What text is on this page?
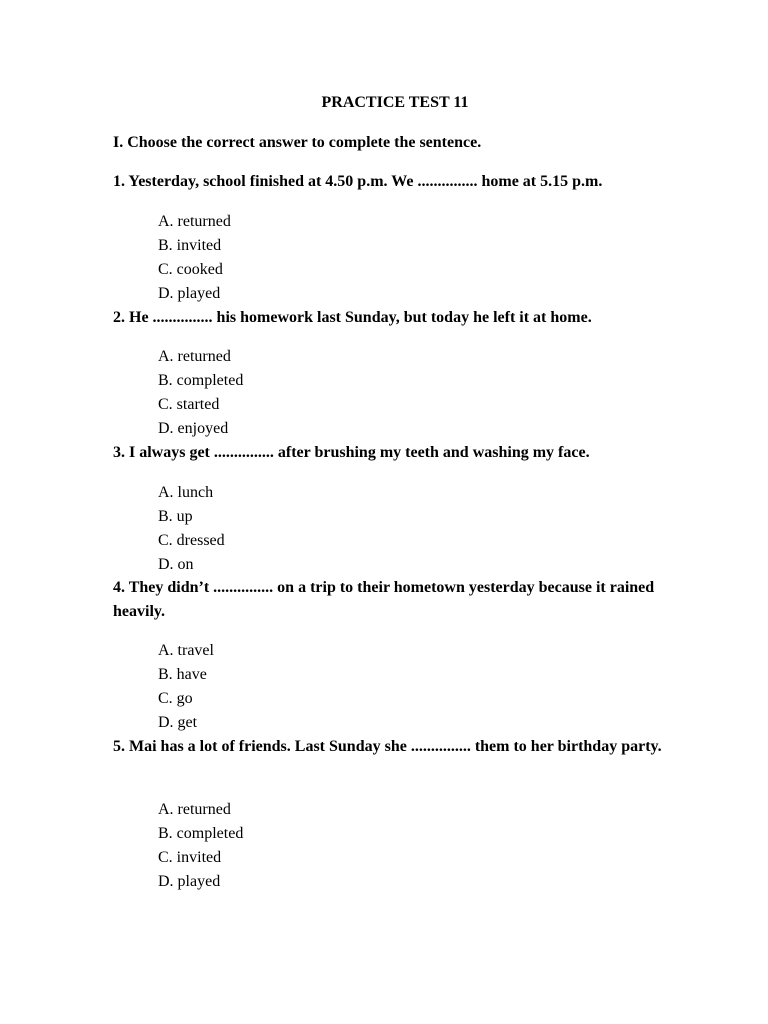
PRACTICE TEST 11
I. Choose the correct answer to complete the sentence.
1. Yesterday, school finished at 4.50 p.m. We ............... home at 5.15 p.m.
A. returned
B. invited
C. cooked
D. played
2. He ............... his homework last Sunday, but today he left it at home.
A. returned
B. completed
C. started
D. enjoyed
3. I always get ............... after brushing my teeth and washing my face.
A. lunch
B. up
C. dressed
D. on
4. They didn’t ............... on a trip to their hometown yesterday because it rained heavily.
A. travel
B. have
C. go
D. get
5. Mai has a lot of friends. Last Sunday she ............... them to her birthday party.
A. returned
B. completed
C. invited
D. played
